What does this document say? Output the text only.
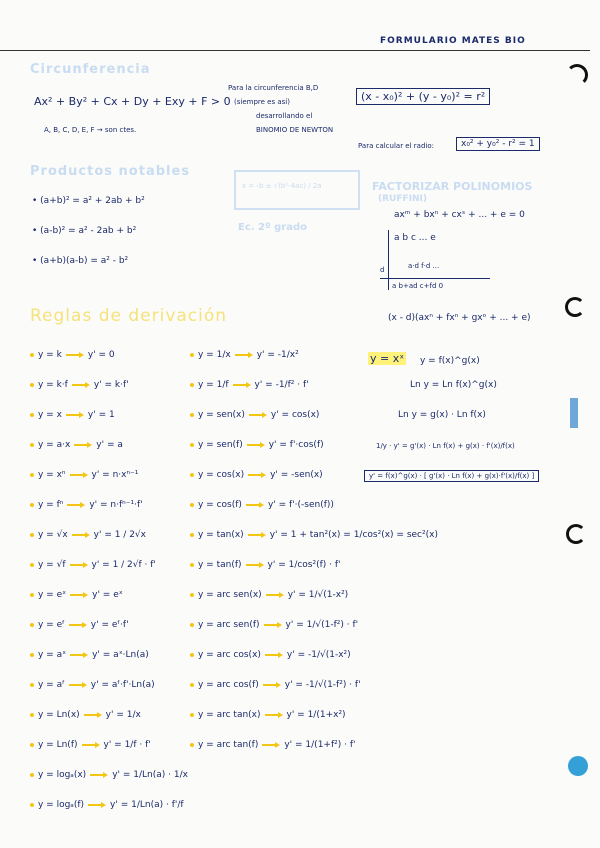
FORMULARIO MATES BIO
Circunferencia
Ax² + By² + Cx + Dy + Exy + F > 0
A, B, C, D, E, F → son ctes.
Para la circunferencia B,D
(siempre es así)
desarrollando el
BINOMIO DE NEWTON
(x - x₀)² + (y - y₀)² = r²
Para calcular el radio:	x₀² + y₀² - r² = 1
Productos notables
• (a+b)² = a² + 2ab + b²
• (a-b)² = a² - 2ab + b²
• (a+b)(a-b) = a² - b²
x = -b ± √(b²-4ac) / 2a
Ec. 2º grado
FACTORIZAR POLINOMIOS
(RUFFINI)
axᵐ + bxⁿ + cxˢ + ... + e = 0
a b c ... e
d	a·d f·d ...
a b+ad c+fd 0
(x - d)(axⁿ + fxⁿ + gxᵒ + ... + e)
Reglas de derivación
y = k	y' = 0
y = k·f	y' = k·f'
y = x	y' = 1
y = a·x	y' = a
y = xⁿ	y' = n·xⁿ⁻¹
y = fⁿ	y' = n·fⁿ⁻¹·f'
y = √x	y' = 1 / 2√x
y = √f	y' = 1 / 2√f · f'
y = eˣ	y' = eˣ
y = eᶠ	y' = eᶠ·f'
y = aˣ	y' = aˣ·Ln(a)
y = aᶠ	y' = aᶠ·f'·Ln(a)
y = Ln(x)	y' = 1/x
y = Ln(f)	y' = 1/f · f'
y = logₐ(x)	y' = 1/Ln(a) · 1/x
y = logₐ(f)	y' = 1/Ln(a) · f'/f
y = 1/x	y' = -1/x²
y = 1/f	y' = -1/f² · f'
y = sen(x)	y' = cos(x)
y = sen(f)	y' = f'·cos(f)
y = cos(x)	y' = -sen(x)
y = cos(f)	y' = f'·(-sen(f))
y = tan(x)	y' = 1 + tan²(x) = 1/cos²(x) = sec²(x)
y = tan(f)	y' = 1/cos²(f) · f'
y = arc sen(x)	y' = 1/√(1-x²)
y = arc sen(f)	y' = 1/√(1-f²) · f'
y = arc cos(x)	y' = -1/√(1-x²)
y = arc cos(f)	y' = -1/√(1-f²) · f'
y = arc tan(x)	y' = 1/(1+x²)
y = arc tan(f)	y' = 1/(1+f²) · f'
y = xˣ y = f(x)^g(x)
Ln y = Ln f(x)^g(x)
Ln y = g(x) · Ln f(x)
1/y · y' = g'(x) · Ln f(x) + g(x) · f'(x)/f(x)
y' = f(x)^g(x) · [ g'(x) · Ln f(x) + g(x)·f'(x)/f(x) ]
